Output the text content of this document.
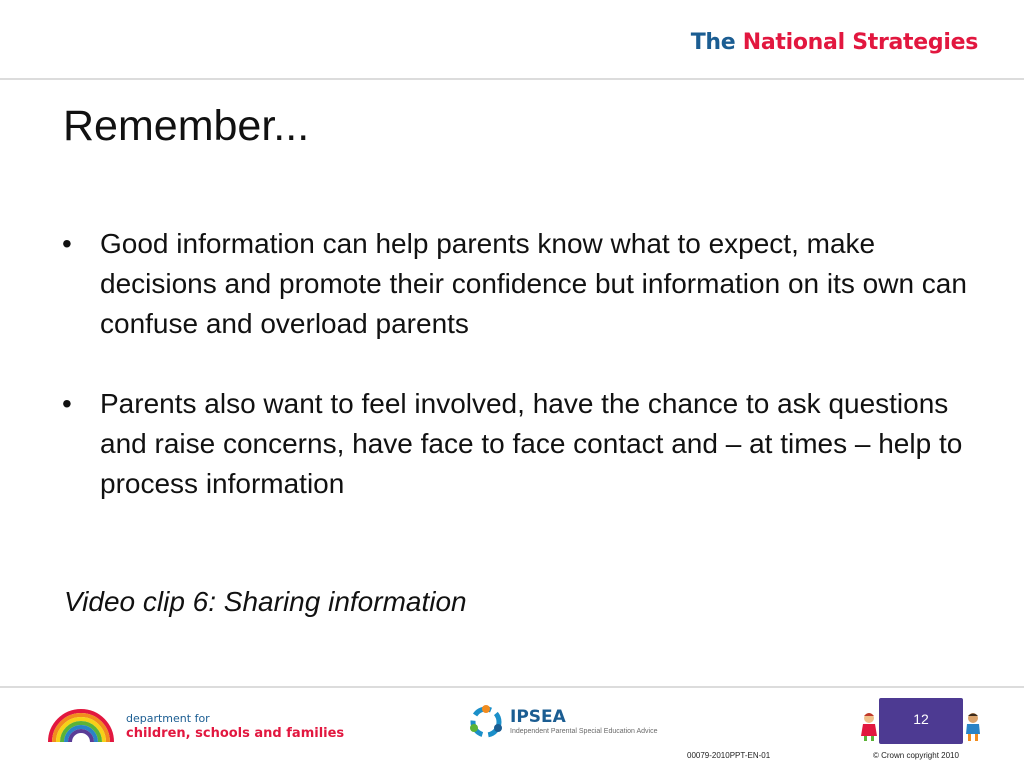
The National Strategies
Remember...
• Good information can help parents know what to expect, make decisions and promote their confidence but information on its own can confuse and overload parents
• Parents also want to feel involved, have the chance to ask questions and raise concerns, have face to face contact and – at times – help to process information
Video clip 6: Sharing information
department for
children, schools and families
IPSEA
Independent Parental Special Education Advice
12
00079-2010PPT-EN-01	© Crown copyright 2010
